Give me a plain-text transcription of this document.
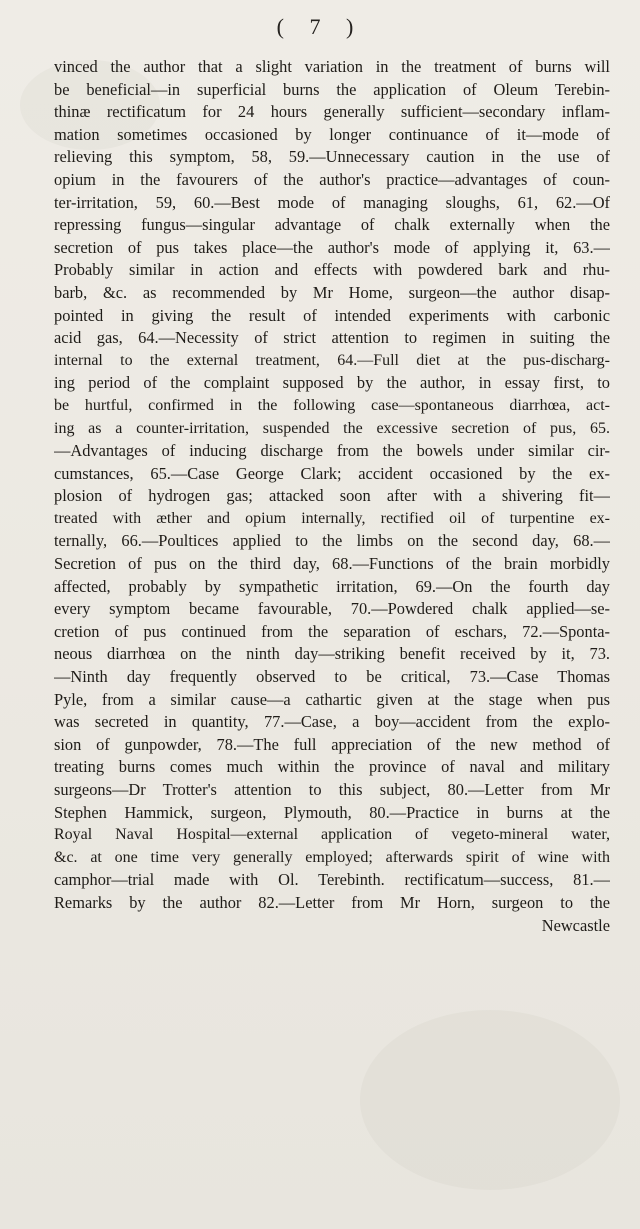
( 7 )
vinced the author that a slight variation in the treatment of burns will
be beneficial—in superficial burns the application of Oleum Terebin-
thinæ rectificatum for 24 hours generally sufficient—secondary inflam-
mation sometimes occasioned by longer continuance of it—mode of
relieving this symptom, 58, 59.—Unnecessary caution in the use of
opium in the favourers of the author's practice—advantages of coun-
ter-irritation, 59, 60.—Best mode of managing sloughs, 61, 62.—Of
repressing fungus—singular advantage of chalk externally when the
secretion of pus takes place—the author's mode of applying it, 63.—
Probably similar in action and effects with powdered bark and rhu-
barb, &c. as recommended by Mr Home, surgeon—the author disap-
pointed in giving the result of intended experiments with carbonic
acid gas, 64.—Necessity of strict attention to regimen in suiting the
internal to the external treatment, 64.—Full diet at the pus-discharg-
ing period of the complaint supposed by the author, in essay first, to
be hurtful, confirmed in the following case—spontaneous diarrhœa, act-
ing as a counter-irritation, suspended the excessive secretion of pus, 65.
—Advantages of inducing discharge from the bowels under similar cir-
cumstances, 65.—Case George Clark; accident occasioned by the ex-
plosion of hydrogen gas; attacked soon after with a shivering fit—
treated with æther and opium internally, rectified oil of turpentine ex-
ternally, 66.—Poultices applied to the limbs on the second day, 68.—
Secretion of pus on the third day, 68.—Functions of the brain morbidly
affected, probably by sympathetic irritation, 69.—On the fourth day
every symptom became favourable, 70.—Powdered chalk applied—se-
cretion of pus continued from the separation of eschars, 72.—Sponta-
neous diarrhœa on the ninth day—striking benefit received by it, 73.
—Ninth day frequently observed to be critical, 73.—Case Thomas
Pyle, from a similar cause—a cathartic given at the stage when pus
was secreted in quantity, 77.—Case, a boy—accident from the explo-
sion of gunpowder, 78.—The full appreciation of the new method of
treating burns comes much within the province of naval and military
surgeons—Dr Trotter's attention to this subject, 80.—Letter from Mr
Stephen Hammick, surgeon, Plymouth, 80.—Practice in burns at the
Royal Naval Hospital—external application of vegeto-mineral water,
&c. at one time very generally employed; afterwards spirit of wine with
camphor—trial made with Ol. Terebinth. rectificatum—success, 81.—
Remarks by the author 82.—Letter from Mr Horn, surgeon to the
Newcastle
